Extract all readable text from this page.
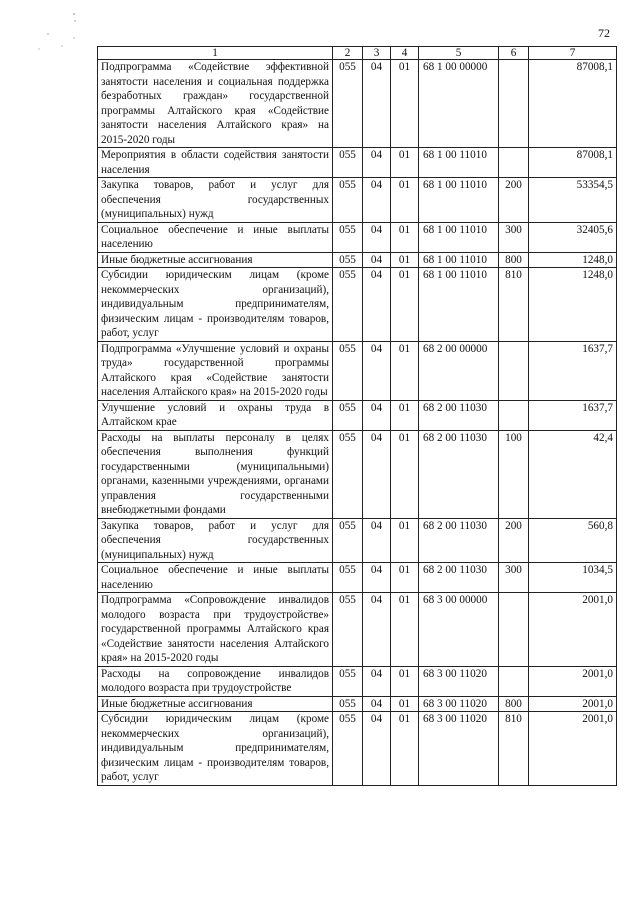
72
1	2	3	4	5	6	7
Подпрограмма «Содействие эффективной занятости населения и социальная поддержка безработных граждан» государственной программы Алтайского края «Содействие занятости населения Алтайского края» на 2015-2020 годы	055	04	01	68 1 00 00000		87008,1
Мероприятия в области содействия занятости населения	055	04	01	68 1 00 11010		87008,1
Закупка товаров, работ и услуг для обеспечения государственных (муниципальных) нужд	055	04	01	68 1 00 11010	200	53354,5
Социальное обеспечение и иные выплаты населению	055	04	01	68 1 00 11010	300	32405,6
Иные бюджетные ассигнования	055	04	01	68 1 00 11010	800	1248,0
Субсидии юридическим лицам (кроме некоммерческих организаций), индивидуальным предпринимателям, физическим лицам - производителям товаров, работ, услуг	055	04	01	68 1 00 11010	810	1248,0
Подпрограмма «Улучшение условий и охраны труда» государственной программы Алтайского края «Содействие занятости населения Алтайского края» на 2015-2020 годы	055	04	01	68 2 00 00000		1637,7
Улучшение условий и охраны труда в Алтайском крае	055	04	01	68 2 00 11030		1637,7
Расходы на выплаты персоналу в целях обеспечения выполнения функций государственными (муниципальными) органами, казенными учреждениями, органами управления государственными внебюджетными фондами	055	04	01	68 2 00 11030	100	42,4
Закупка товаров, работ и услуг для обеспечения государственных (муниципальных) нужд	055	04	01	68 2 00 11030	200	560,8
Социальное обеспечение и иные выплаты населению	055	04	01	68 2 00 11030	300	1034,5
Подпрограмма «Сопровождение инвалидов молодого возраста при трудоустройстве» государственной программы Алтайского края «Содействие занятости населения Алтайского края» на 2015-2020 годы	055	04	01	68 3 00 00000		2001,0
Расходы на сопровождение инвалидов молодого возраста при трудоустройстве	055	04	01	68 3 00 11020		2001,0
Иные бюджетные ассигнования	055	04	01	68 3 00 11020	800	2001,0
Субсидии юридическим лицам (кроме некоммерческих организаций), индивидуальным предпринимателям, физическим лицам - производителям товаров, работ, услуг	055	04	01	68 3 00 11020	810	2001,0
